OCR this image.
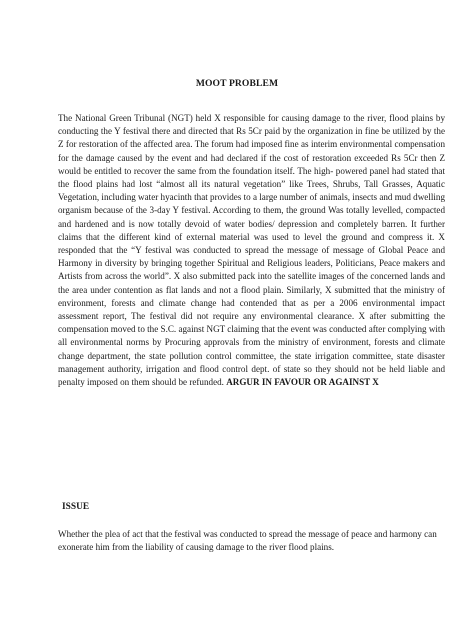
MOOT PROBLEM

The National Green Tribunal (NGT) held X responsible for causing damage to the river, flood plains by conducting the Y festival there and directed that Rs 5Cr paid by the organization in fine be utilized by the Z for restoration of the affected area. The forum had imposed fine as interim environmental compensation for the damage caused by the event and had declared if the cost of restoration exceeded Rs 5Cr then Z would be entitled to recover the same from the foundation itself. The high- powered panel had stated that the flood plains had lost “almost all its natural vegetation” like Trees, Shrubs, Tall Grasses, Aquatic Vegetation, including water hyacinth that provides to a large number of animals, insects and mud dwelling organism because of the 3-day Y festival. According to them, the ground Was totally levelled, compacted and hardened and is now totally devoid of water bodies/ depression and completely barren. It further claims that the different kind of external material was used to level the ground and compress it. X responded that the “Y festival was conducted to spread the message of message of Global Peace and Harmony in diversity by bringing together Spiritual and Religious leaders, Politicians, Peace makers and Artists from across the world”. X also submitted pack into the satellite images of the concerned lands and the area under contention as flat lands and not a flood plain. Similarly, X submitted that the ministry of environment, forests and climate change had contended that as per a 2006 environmental impact assessment report, The festival did not require any environmental clearance. X after submitting the compensation moved to the S.C. against NGT claiming that the event was conducted after complying with all environmental norms by Procuring approvals from the ministry of environment, forests and climate change department, the state pollution control committee, the state irrigation committee, state disaster management authority, irrigation and flood control dept. of state so they should not be held liable and penalty imposed on them should be refunded. ARGUR IN FAVOUR OR AGAINST X

ISSUE

Whether the plea of act that the festival was conducted to spread the message of peace and harmony can exonerate him from the liability of causing damage to the river flood plains.
